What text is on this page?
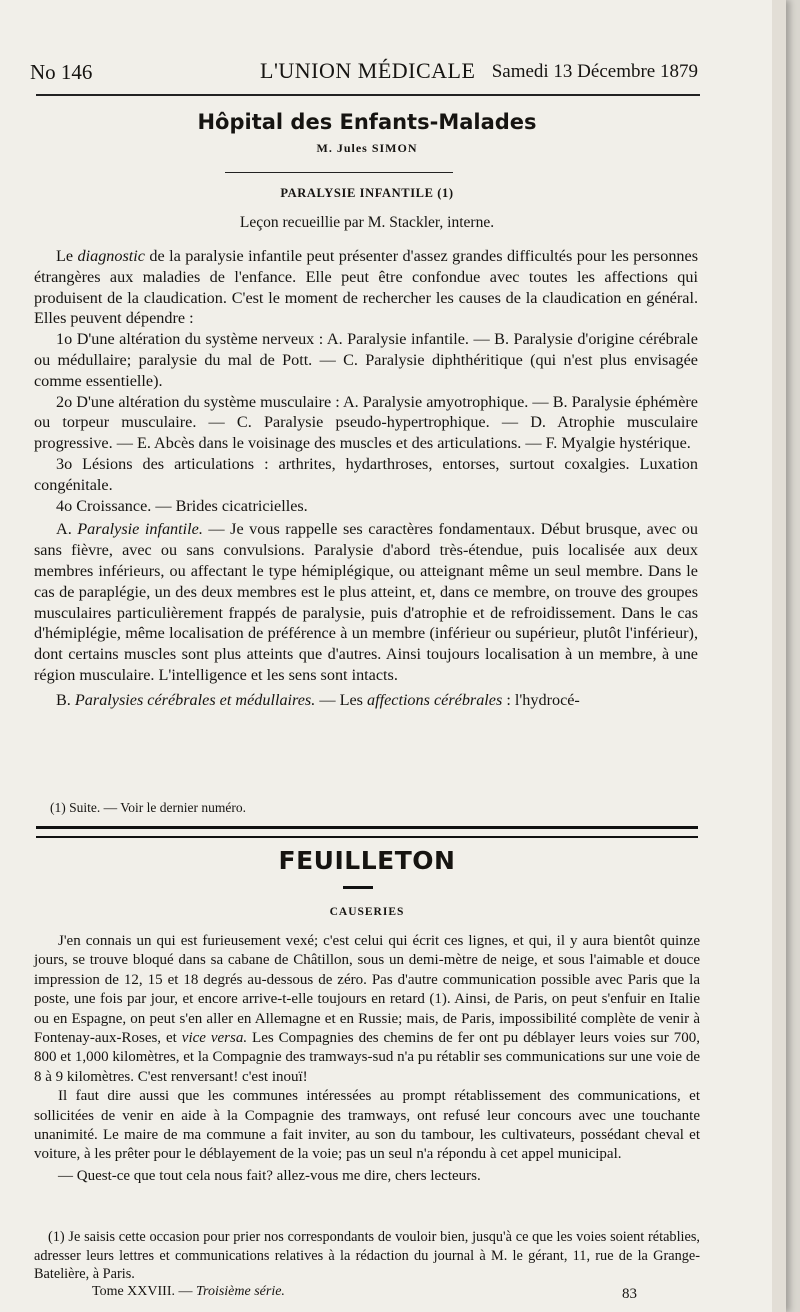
No 146	L'UNION MÉDICALE Samedi 13 Décembre 1879
Hôpital des Enfants-Malades
M. Jules SIMON
PARALYSIE INFANTILE (1)
Leçon recueillie par M. Stackler, interne.

Le diagnostic de la paralysie infantile peut présenter d'assez grandes difficultés pour les personnes étrangères aux maladies de l'enfance. Elle peut être confondue avec toutes les affections qui produisent de la claudication. C'est le moment de rechercher les causes de la claudication en général. Elles peuvent dépendre :

1o D'une altération du système nerveux : A. Paralysie infantile. — B. Paralysie d'origine cérébrale ou médullaire; paralysie du mal de Pott. — C. Paralysie diphthéritique (qui n'est plus envisagée comme essentielle).

2o D'une altération du système musculaire : A. Paralysie amyotrophique. — B. Paralysie éphémère ou torpeur musculaire. — C. Paralysie pseudo-hypertrophique. — D. Atrophie musculaire progressive. — E. Abcès dans le voisinage des muscles et des articulations. — F. Myalgie hystérique.

3o Lésions des articulations : arthrites, hydarthroses, entorses, surtout coxalgies. Luxation congénitale.

4o Croissance. — Brides cicatricielles.

A. Paralysie infantile. — Je vous rappelle ses caractères fondamentaux. Début brusque, avec ou sans fièvre, avec ou sans convulsions. Paralysie d'abord très-étendue, puis localisée aux deux membres inférieurs, ou affectant le type hémiplégique, ou atteignant même un seul membre. Dans le cas de paraplégie, un des deux membres est le plus atteint, et, dans ce membre, on trouve des groupes musculaires particulièrement frappés de paralysie, puis d'atrophie et de refroidissement. Dans le cas d'hémiplégie, même localisation de préférence à un membre (inférieur ou supérieur, plutôt l'inférieur), dont certains muscles sont plus atteints que d'autres. Ainsi toujours localisation à un membre, à une région musculaire. L'intelligence et les sens sont intacts.

B. Paralysies cérébrales et médullaires. — Les affections cérébrales : l'hydrocé-

(1) Suite. — Voir le dernier numéro.
FEUILLETON
CAUSERIES

J'en connais un qui est furieusement vexé; c'est celui qui écrit ces lignes, et qui, il y aura bientôt quinze jours, se trouve bloqué dans sa cabane de Châtillon, sous un demi-mètre de neige, et sous l'aimable et douce impression de 12, 15 et 18 degrés au-dessous de zéro. Pas d'autre communication possible avec Paris que la poste, une fois par jour, et encore arrive-t-elle toujours en retard (1). Ainsi, de Paris, on peut s'enfuir en Italie ou en Espagne, on peut s'en aller en Allemagne et en Russie; mais, de Paris, impossibilité complète de venir à Fontenay-aux-Roses, et vice versa. Les Compagnies des chemins de fer ont pu déblayer leurs voies sur 700, 800 et 1,000 kilomètres, et la Compagnie des tramways-sud n'a pu rétablir ses communications sur une voie de 8 à 9 kilomètres. C'est renversant! c'est inouï!

Il faut dire aussi que les communes intéressées au prompt rétablissement des communications, et sollicitées de venir en aide à la Compagnie des tramways, ont refusé leur concours avec une touchante unanimité. Le maire de ma commune a fait inviter, au son du tambour, les cultivateurs, possédant cheval et voiture, à les prêter pour le déblayement de la voie; pas un seul n'a répondu à cet appel municipal.

— Quest-ce que tout cela nous fait? allez-vous me dire, chers lecteurs.

(1) Je saisis cette occasion pour prier nos correspondants de vouloir bien, jusqu'à ce que les voies soient rétablies, adresser leurs lettres et communications relatives à la rédaction du journal à M. le gérant, 11, rue de la Grange-Batelière, à Paris.

Tome XXVIII. — Troisième série.	83
